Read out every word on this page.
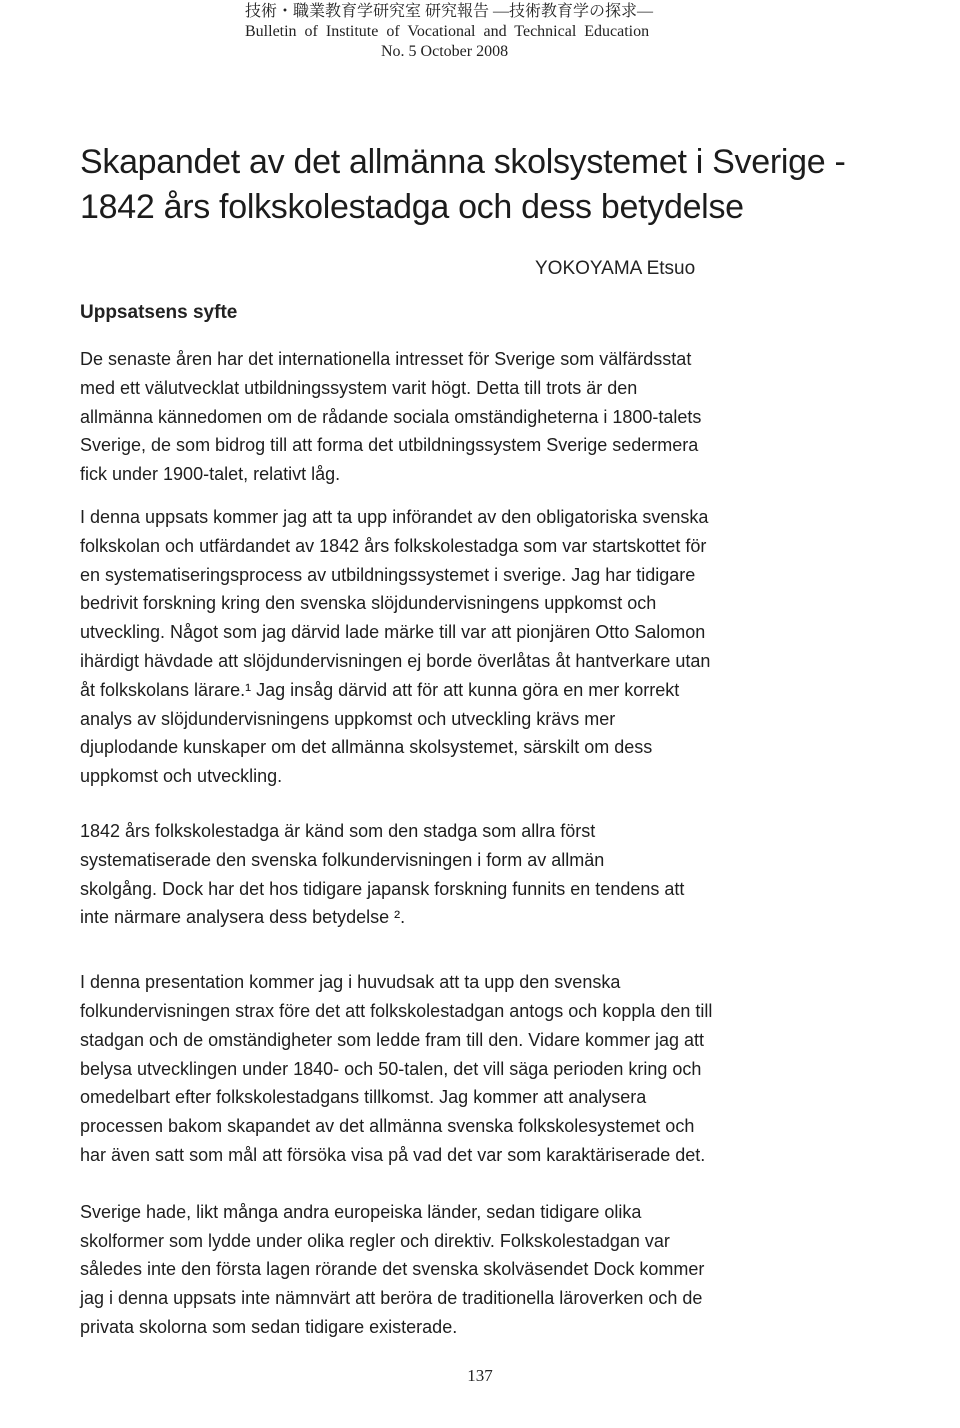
技術・職業教育学研究室 研究報告 —技術教育学の探求—
Bulletin of Institute of Vocational and Technical Education
No. 5 October 2008
Skapandet av det allmänna skolsystemet i Sverige - 1842 års folkskolestadga och dess betydelse
YOKOYAMA Etsuo
Uppsatsens syfte

De senaste åren har det internationella intresset för Sverige som välfärdsstat
med ett välutvecklat utbildningssystem varit högt. Detta till trots är den
allmänna kännedomen om de rådande sociala omständigheterna i 1800-talets
Sverige, de som bidrog till att forma det utbildningssystem Sverige sedermera
fick under 1900-talet, relativt låg.

I denna uppsats kommer jag att ta upp införandet av den obligatoriska svenska
folkskolan och utfärdandet av 1842 års folkskolestadga som var startskottet för
en systematiseringsprocess av utbildningssystemet i sverige. Jag har tidigare
bedrivit forskning kring den svenska slöjdundervisningens uppkomst och
utveckling. Något som jag därvid lade märke till var att pionjären Otto Salomon
ihärdigt hävdade att slöjdundervisningen ej borde överlåtas åt hantverkare utan
åt folkskolans lärare.¹ Jag insåg därvid att för att kunna göra en mer korrekt
analys av slöjdundervisningens uppkomst och utveckling krävs mer
djuplodande kunskaper om det allmänna skolsystemet, särskilt om dess
uppkomst och utveckling.

1842 års folkskolestadga är känd som den stadga som allra först
systematiserade den svenska folkundervisningen i form av allmän
skolgång. Dock har det hos tidigare japansk forskning funnits en tendens att
inte närmare analysera dess betydelse ².

I denna presentation kommer jag i huvudsak att ta upp den svenska
folkundervisningen strax före det att folkskolestadgan antogs och koppla den till
stadgan och de omständigheter som ledde fram till den. Vidare kommer jag att
belysa utvecklingen under 1840- och 50-talen, det vill säga perioden kring och
omedelbart efter folkskolestadgans tillkomst. Jag kommer att analysera
processen bakom skapandet av det allmänna svenska folkskolesystemet och
har även satt som mål att försöka visa på vad det var som karaktäriserade det.

Sverige hade, likt många andra europeiska länder, sedan tidigare olika
skolformer som lydde under olika regler och direktiv. Folkskolestadgan var
således inte den första lagen rörande det svenska skolväsendet Dock kommer
jag i denna uppsats inte nämnvärt att beröra de traditionella läroverken och de
privata skolorna som sedan tidigare existerade.

137
